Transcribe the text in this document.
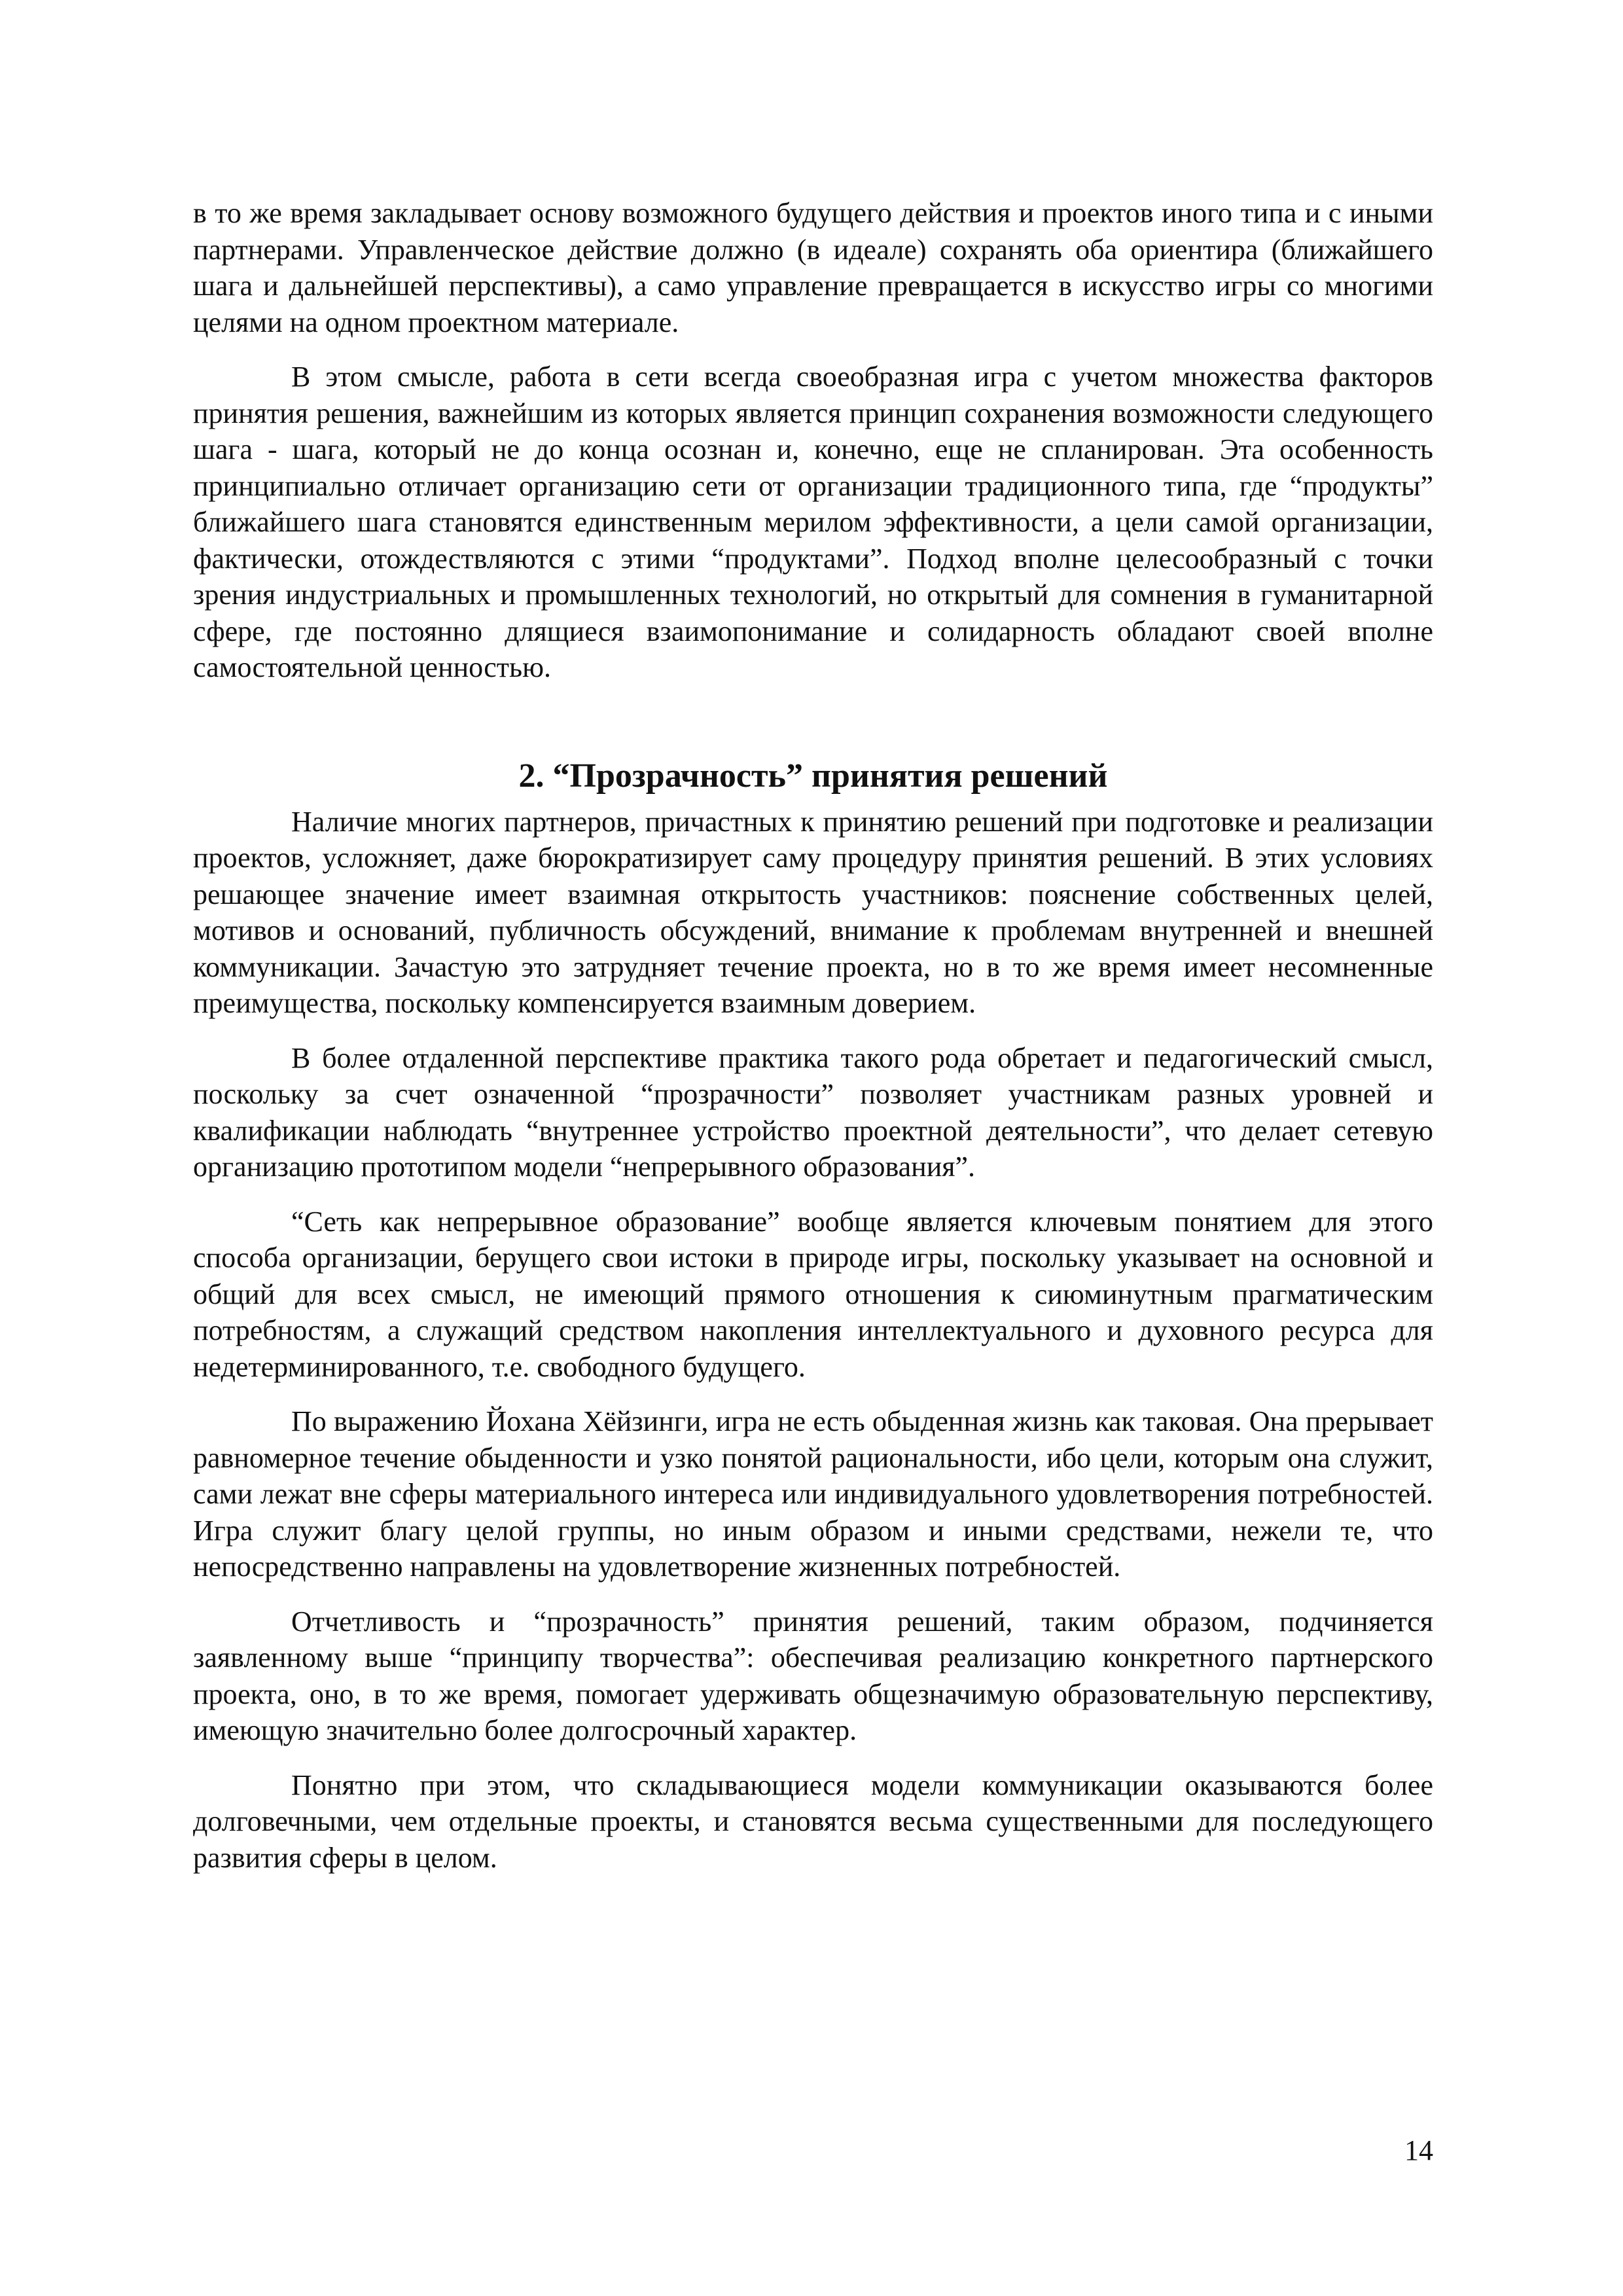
в то же время закладывает основу возможного будущего действия и проектов иного типа и с иными партнерами. Управленческое действие должно (в идеале) сохранять оба ориентира (ближайшего шага и дальнейшей перспективы), а само управление превращается в искусство игры со многими целями на одном проектном материале.

В этом смысле, работа в сети всегда своеобразная игра с учетом множества факторов принятия решения, важнейшим из которых является принцип сохранения возможности следующего шага - шага, который не до конца осознан и, конечно, еще не спланирован. Эта особенность принципиально отличает организацию сети от организации традиционного типа, где “продукты” ближайшего шага становятся единственным мерилом эффективности, а цели самой организации, фактически, отождествляются с этими “продуктами”. Подход вполне целесообразный с точки зрения индустриальных и промышленных технологий, но открытый для сомнения в гуманитарной сфере, где постоянно длящиеся взаимопонимание и солидарность обладают своей вполне самостоятельной ценностью.

2. “Прозрачность” принятия решений

Наличие многих партнеров, причастных к принятию решений при подготовке и реализации проектов, усложняет, даже бюрократизирует саму процедуру принятия решений. В этих условиях решающее значение имеет взаимная открытость участников: пояснение собственных целей, мотивов и оснований, публичность обсуждений, внимание к проблемам внутренней и внешней коммуникации. Зачастую это затрудняет течение проекта, но в то же время имеет несомненные преимущества, поскольку компенсируется взаимным доверием.

В более отдаленной перспективе практика такого рода обретает и педагогический смысл, поскольку за счет означенной “прозрачности” позволяет участникам разных уровней и квалификации наблюдать “внутреннее устройство проектной деятельности”, что делает сетевую организацию прототипом модели “непрерывного образования”.

“Сеть как непрерывное образование” вообще является ключевым понятием для этого способа организации, берущего свои истоки в природе игры, поскольку указывает на основной и общий для всех смысл, не имеющий прямого отношения к сиюминутным прагматическим потребностям, а служащий средством накопления интеллектуального и духовного ресурса для недетерминированного, т.е. свободного будущего.

По выражению Йохана Хёйзинги, игра не есть обыденная жизнь как таковая. Она прерывает равномерное течение обыденности и узко понятой рациональности, ибо цели, которым она служит, сами лежат вне сферы материального интереса или индивидуального удовлетворения потребностей. Игра служит благу целой группы, но иным образом и иными средствами, нежели те, что непосредственно направлены на удовлетворение жизненных потребностей.

Отчетливость и “прозрачность” принятия решений, таким образом, подчиняется заявленному выше “принципу творчества”: обеспечивая реализацию конкретного партнерского проекта, оно, в то же время, помогает удерживать общезначимую образовательную перспективу, имеющую значительно более долгосрочный характер.

Понятно при этом, что складывающиеся модели коммуникации оказываются более долговечными, чем отдельные проекты, и становятся весьма существенными для последующего развития сферы в целом.

14
